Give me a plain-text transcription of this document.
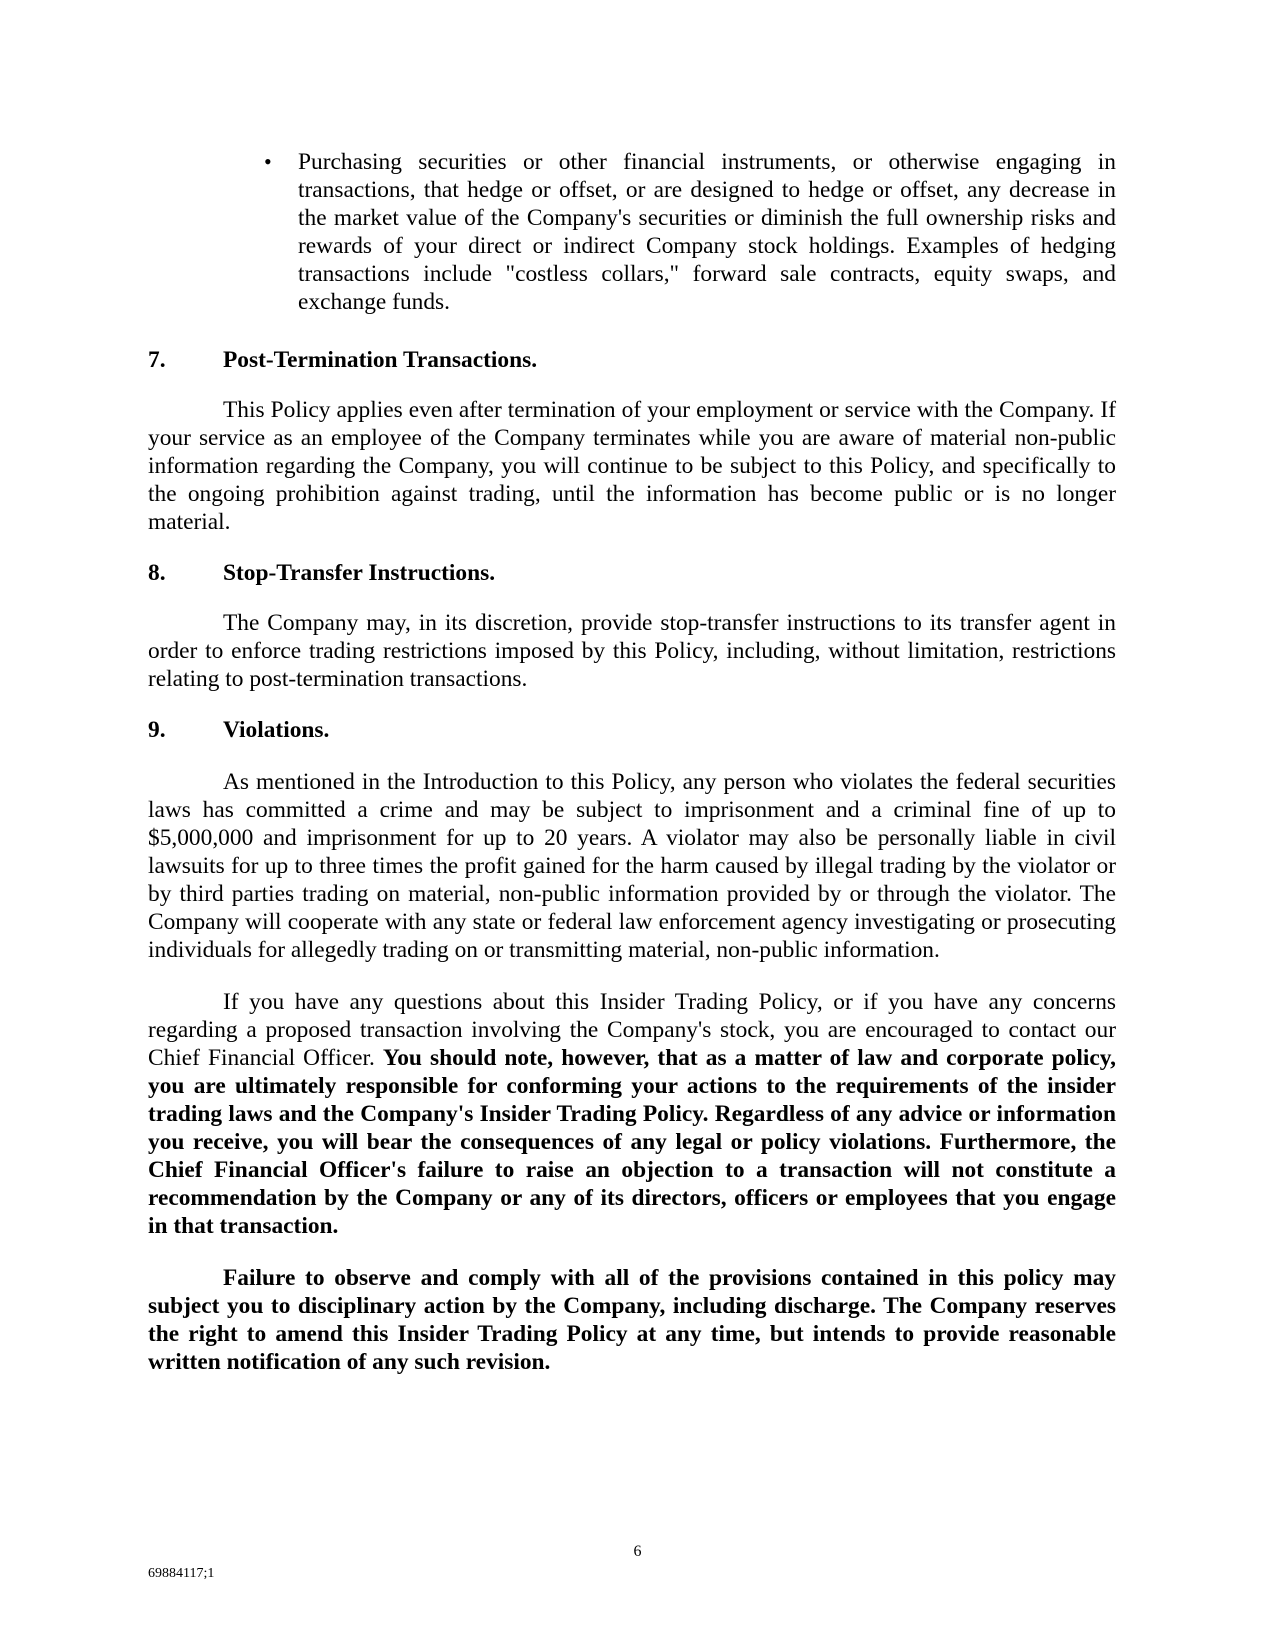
• Purchasing securities or other financial instruments, or otherwise engaging in transactions, that hedge or offset, or are designed to hedge or offset, any decrease in the market value of the Company's securities or diminish the full ownership risks and rewards of your direct or indirect Company stock holdings. Examples of hedging transactions include "costless collars," forward sale contracts, equity swaps, and exchange funds.

7.	Post-Termination Transactions.

This Policy applies even after termination of your employment or service with the Company. If your service as an employee of the Company terminates while you are aware of material non-public information regarding the Company, you will continue to be subject to this Policy, and specifically to the ongoing prohibition against trading, until the information has become public or is no longer material.

8.	Stop-Transfer Instructions.

The Company may, in its discretion, provide stop-transfer instructions to its transfer agent in order to enforce trading restrictions imposed by this Policy, including, without limitation, restrictions relating to post-termination transactions.

9.	Violations.

As mentioned in the Introduction to this Policy, any person who violates the federal securities laws has committed a crime and may be subject to imprisonment and a criminal fine of up to $5,000,000 and imprisonment for up to 20 years. A violator may also be personally liable in civil lawsuits for up to three times the profit gained for the harm caused by illegal trading by the violator or by third parties trading on material, non-public information provided by or through the violator. The Company will cooperate with any state or federal law enforcement agency investigating or prosecuting individuals for allegedly trading on or transmitting material, non-public information.

If you have any questions about this Insider Trading Policy, or if you have any concerns regarding a proposed transaction involving the Company's stock, you are encouraged to contact our Chief Financial Officer. You should note, however, that as a matter of law and corporate policy, you are ultimately responsible for conforming your actions to the requirements of the insider trading laws and the Company's Insider Trading Policy. Regardless of any advice or information you receive, you will bear the consequences of any legal or policy violations. Furthermore, the Chief Financial Officer's failure to raise an objection to a transaction will not constitute a recommendation by the Company or any of its directors, officers or employees that you engage in that transaction.

Failure to observe and comply with all of the provisions contained in this policy may subject you to disciplinary action by the Company, including discharge. The Company reserves the right to amend this Insider Trading Policy at any time, but intends to provide reasonable written notification of any such revision.

6
69884117;1
